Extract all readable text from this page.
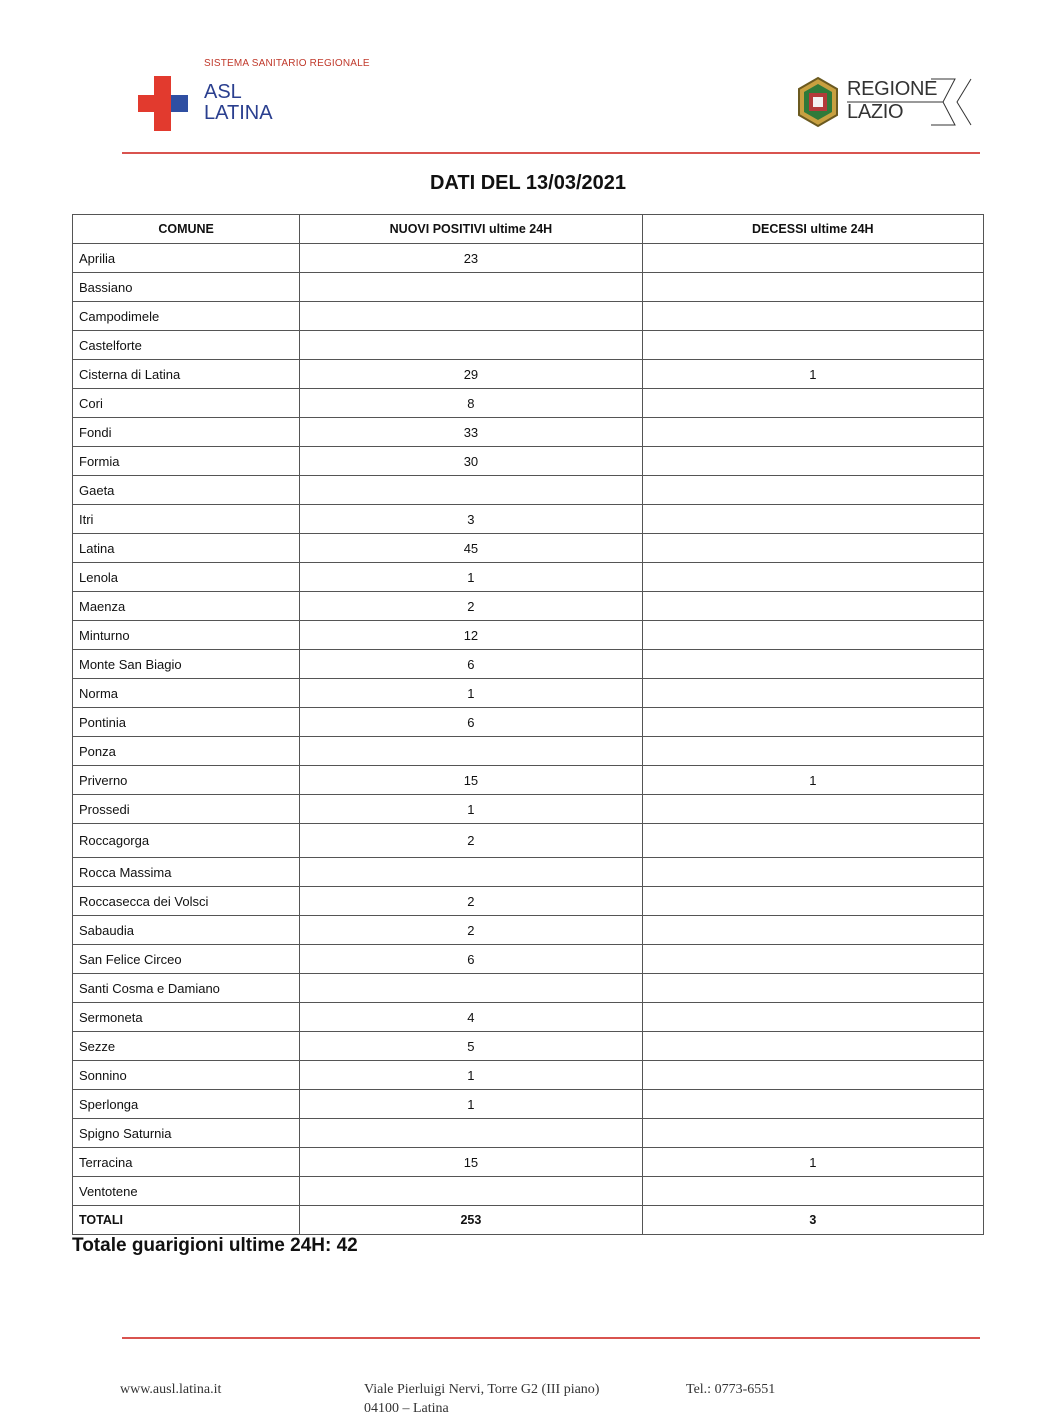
SISTEMA SANITARIO REGIONALE
ASL
LATINA
REGIONE
LAZIO
DATI DEL 13/03/2021
COMUNE	NUOVI POSITIVI ultime 24H	DECESSI ultime 24H
Aprilia	23	
Bassiano		
Campodimele		
Castelforte		
Cisterna di Latina	29	1
Cori	8	
Fondi	33	
Formia	30	
Gaeta		
Itri	3	
Latina	45	
Lenola	1	
Maenza	2	
Minturno	12	
Monte San Biagio	6	
Norma	1	
Pontinia	6	
Ponza		
Priverno	15	1
Prossedi	1	
Roccagorga	2	
Rocca Massima		
Roccasecca dei Volsci	2	
Sabaudia	2	
San Felice Circeo	6	
Santi Cosma e Damiano		
Sermoneta	4	
Sezze	5	
Sonnino	1	
Sperlonga	1	
Spigno Saturnia		
Terracina	15	1
Ventotene		
TOTALI	253	3
Totale guarigioni ultime 24H: 42
www.ausl.latina.it	Viale Pierluigi Nervi, Torre G2 (III piano)
04100 – Latina
Tel.: 0773-6551
